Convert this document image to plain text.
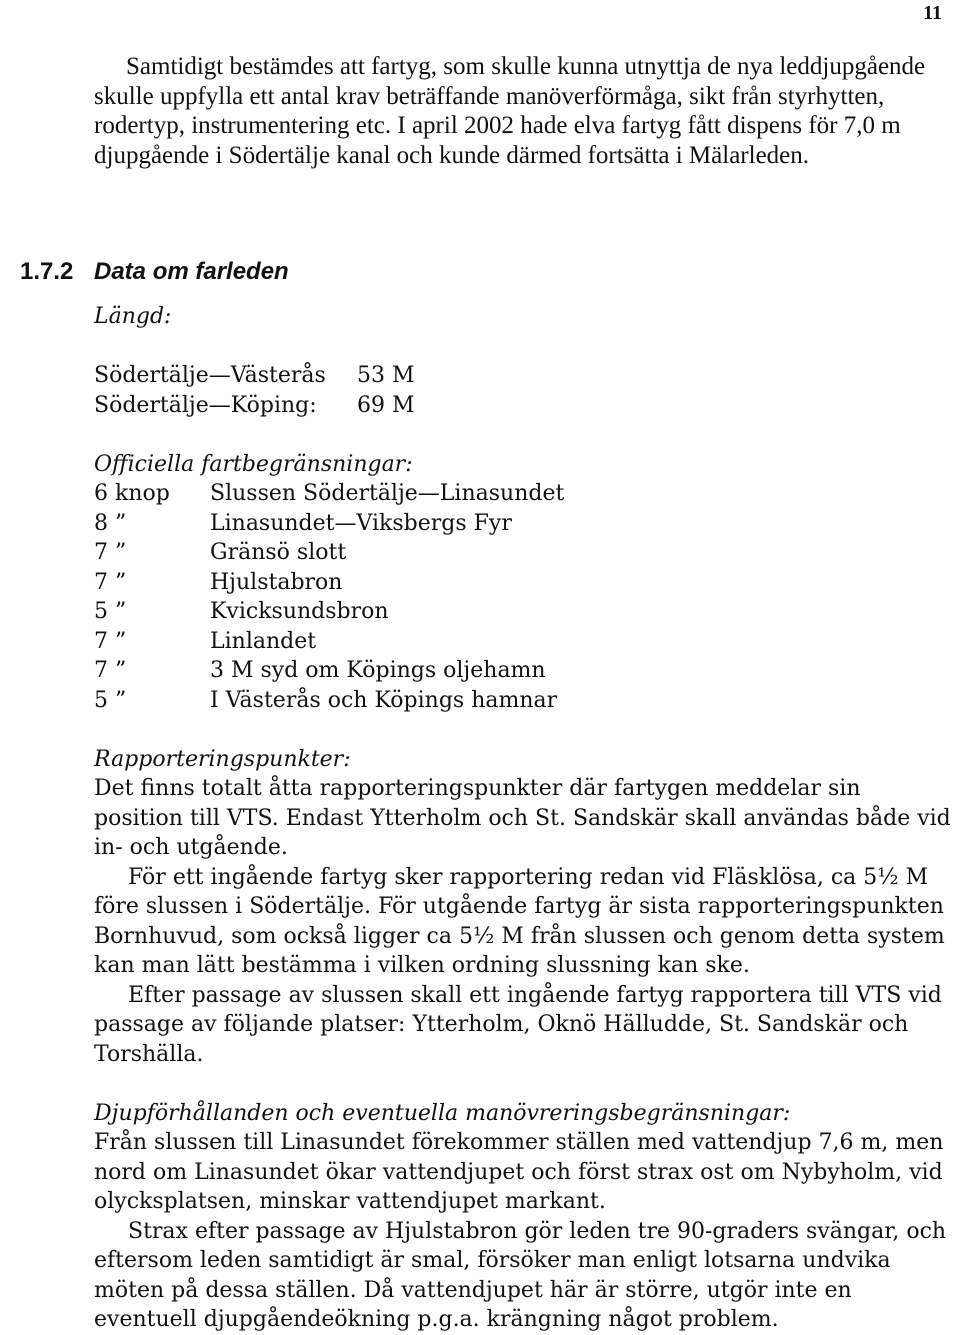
11

Samtidigt bestämdes att fartyg, som skulle kunna utnyttja de nya leddjupgående skulle uppfylla ett antal krav beträffande manöverförmåga, sikt från styrhytten, rodertyp, instrumentering etc. I april 2002 hade elva fartyg fått dispens för 7,0 m djupgående i Södertälje kanal och kunde därmed fortsätta i Mälarleden.

1.7.2 Data om farleden

Längd:

Södertälje—Västerås	53 M
Södertälje—Köping:	69 M

Officiella fartbegränsningar:

6 knop	Slussen Södertälje—Linasundet
8 ”	Linasundet—Viksbergs Fyr
7 ”	Gränsö slott
7 ”	Hjulstabron
5 ”	Kvicksundsbron
7 ”	Linlandet
7 ”	3 M syd om Köpings oljehamn
5 ”	I Västerås och Köpings hamnar

Rapporteringspunkter:

Det finns totalt åtta rapporteringspunkter där fartygen meddelar sin position till VTS. Endast Ytterholm och St. Sandskär skall användas både vid in- och utgående.

För ett ingående fartyg sker rapportering redan vid Fläsklösa, ca 5½ M före slussen i Södertälje. För utgående fartyg är sista rapporteringspunkten Bornhuvud, som också ligger ca 5½ M från slussen och genom detta system kan man lätt bestämma i vilken ordning slussning kan ske.

Efter passage av slussen skall ett ingående fartyg rapportera till VTS vid passage av följande platser: Ytterholm, Oknö Hälludde, St. Sandskär och Torshälla.

Djupförhållanden och eventuella manövreringsbegränsningar:

Från slussen till Linasundet förekommer ställen med vattendjup 7,6 m, men nord om Linasundet ökar vattendjupet och först strax ost om Nybyholm, vid olycksplatsen, minskar vattendjupet markant.

Strax efter passage av Hjulstabron gör leden tre 90-graders svängar, och eftersom leden samtidigt är smal, försöker man enligt lotsarna undvika möten på dessa ställen. Då vattendjupet här är större, utgör inte en eventuell djupgåendeökning p.g.a. krängning något problem.
